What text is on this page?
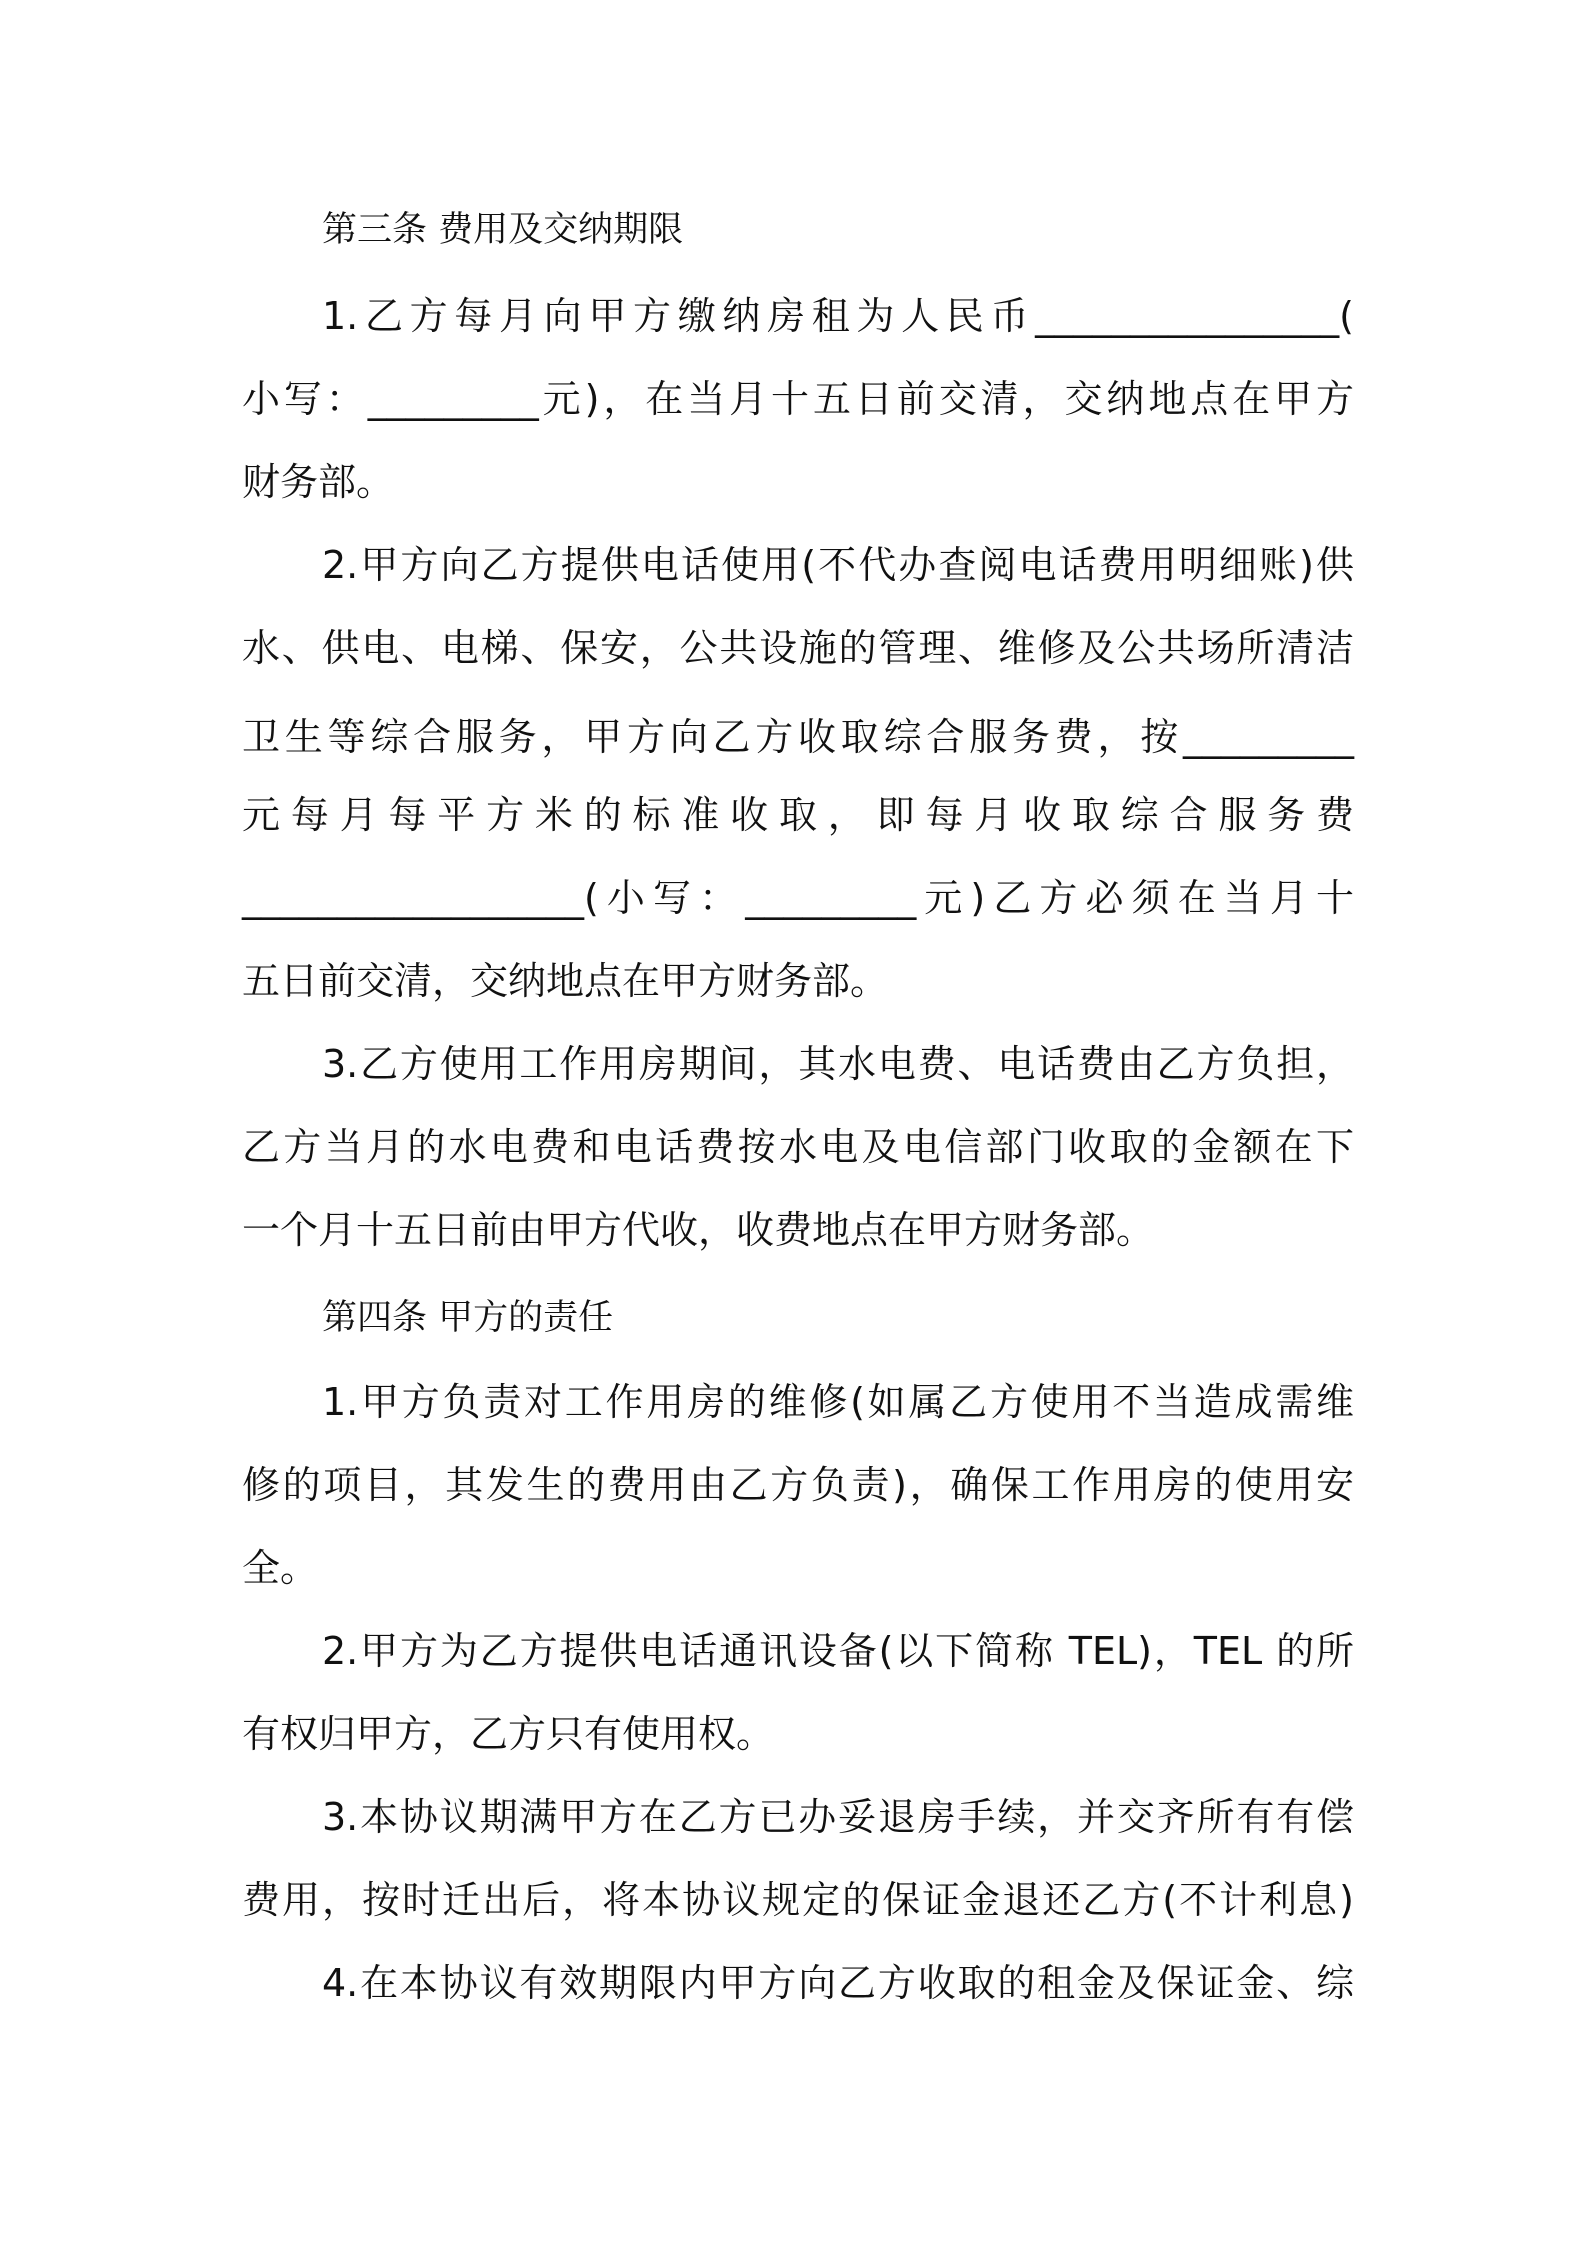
第三条 费用及交纳期限
1.乙方每月向甲方缴纳房租为人民币________________(
小写：_________元)，在当月十五日前交清，交纳地点在甲方
财务部。
2.甲方向乙方提供电话使用(不代办查阅电话费用明细账)供
水、供电、电梯、保安，公共设施的管理、维修及公共场所清洁
卫生等综合服务，甲方向乙方收取综合服务费，按_________
元每月每平方米的标准收取，即每月收取综合服务费
__________________(小写：_________元)乙方必须在当月十
五日前交清，交纳地点在甲方财务部。
3.乙方使用工作用房期间，其水电费、电话费由乙方负担，
乙方当月的水电费和电话费按水电及电信部门收取的金额在下
一个月十五日前由甲方代收，收费地点在甲方财务部。
第四条 甲方的责任
1.甲方负责对工作用房的维修(如属乙方使用不当造成需维
修的项目，其发生的费用由乙方负责)，确保工作用房的使用安
全。
2.甲方为乙方提供电话通讯设备(以下简称 TEL)，TEL 的所
有权归甲方，乙方只有使用权。
3.本协议期满甲方在乙方已办妥退房手续，并交齐所有有偿
费用，按时迁出后，将本协议规定的保证金退还乙方(不计利息)
4.在本协议有效期限内甲方向乙方收取的租金及保证金、综
